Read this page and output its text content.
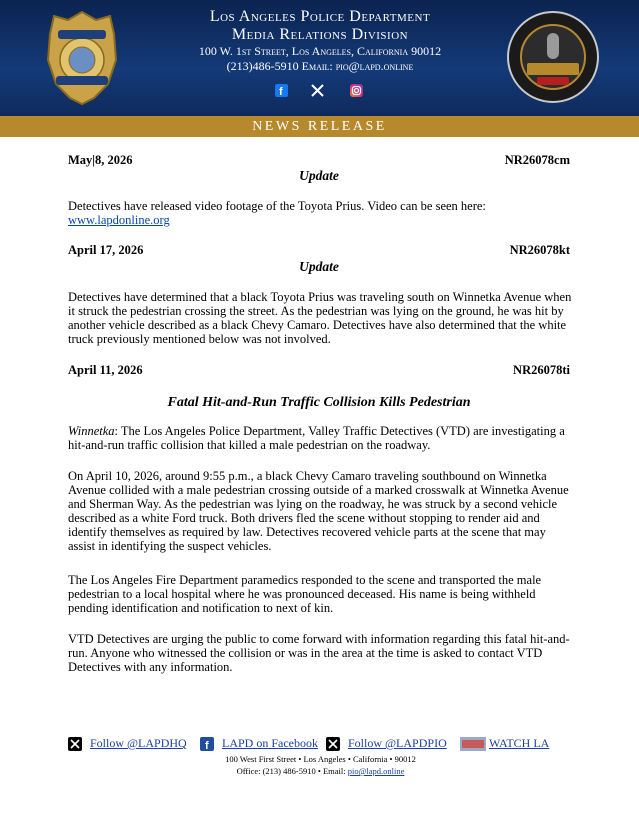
Los Angeles Police Department
Media Relations Division
100 W. 1st Street, Los Angeles, California 90012
(213)486-5910 Email: pio@lapd.online
f
NEWS RELEASE
May|8, 2026	NR26078cm
Update
Detectives have released video footage of the Toyota Prius. Video can be seen here:
www.lapdonline.org
April 17, 2026	NR26078kt
Update
Detectives have determined that a black Toyota Prius was traveling south on Winnetka Avenue when it struck the pedestrian crossing the street. As the pedestrian was lying on the ground, he was hit by another vehicle described as a black Chevy Camaro. Detectives have also determined that the white truck previously mentioned below was not involved.
April 11, 2026	NR26078ti
Fatal Hit-and-Run Traffic Collision Kills Pedestrian
Winnetka: The Los Angeles Police Department, Valley Traffic Detectives (VTD) are investigating a hit-and-run traffic collision that killed a male pedestrian on the roadway.
On April 10, 2026, around 9:55 p.m., a black Chevy Camaro traveling southbound on Winnetka Avenue collided with a male pedestrian crossing outside of a marked crosswalk at Winnetka Avenue and Sherman Way. As the pedestrian was lying on the roadway, he was struck by a second vehicle described as a white Ford truck. Both drivers fled the scene without stopping to render aid and identify themselves as required by law. Detectives recovered vehicle parts at the scene that may assist in identifying the suspect vehicles.
The Los Angeles Fire Department paramedics responded to the scene and transported the male pedestrian to a local hospital where he was pronounced deceased. His name is being withheld pending identification and notification to next of kin.
VTD Detectives are urging the public to come forward with information regarding this fatal hit-and-run. Anyone who witnessed the collision or was in the area at the time is asked to contact VTD Detectives with any information.
Follow @LAPDHQ f LAPD on Facebook	Follow @LAPDPIO	WATCH LA
100 West First Street • Los Angeles • California • 90012
Office: (213) 486-5910 • Email: pio@lapd.online
